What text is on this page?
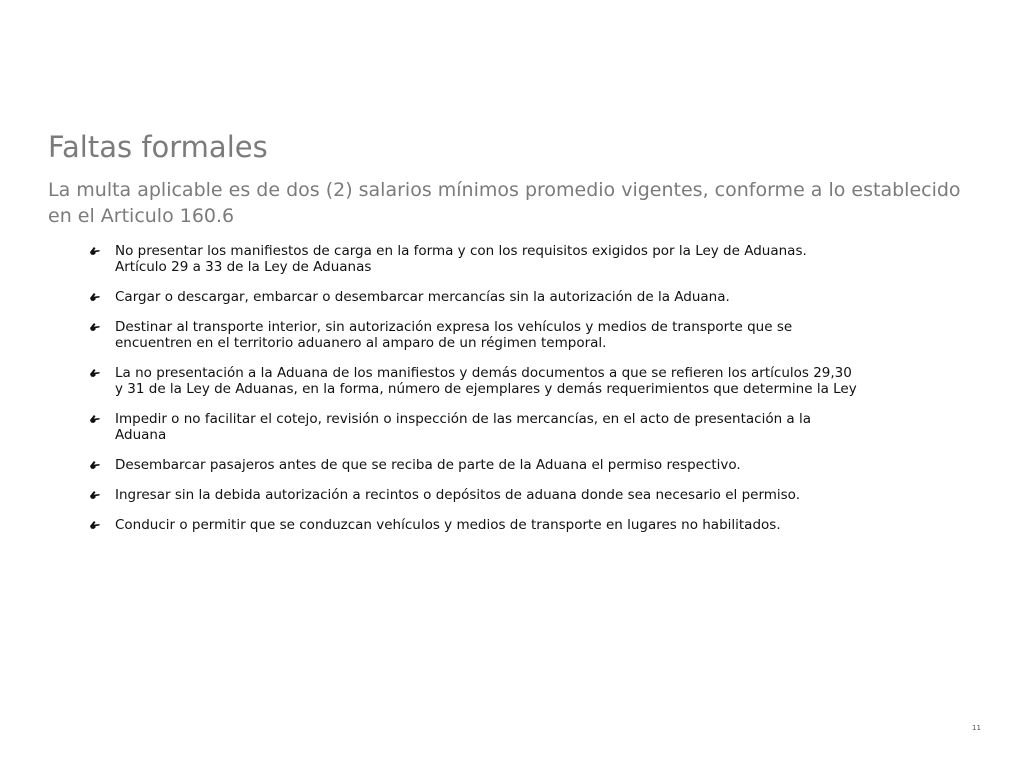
Faltas formales

La multa aplicable es de dos (2) salarios mínimos promedio vigentes, conforme a lo establecido en el Articulo 160.6

No presentar los manifiestos de carga en la forma y con los requisitos exigidos por la Ley de Aduanas. Artículo 29 a 33 de la Ley de Aduanas
Cargar o descargar, embarcar o desembarcar mercancías sin la autorización de la Aduana.
Destinar al transporte interior, sin autorización expresa los vehículos y medios de transporte que se encuentren en el territorio aduanero al amparo de un régimen temporal.
La no presentación a la Aduana de los manifiestos y demás documentos a que se refieren los artículos 29,30 y 31 de la Ley de Aduanas, en la forma, número de ejemplares y demás requerimientos que determine la Ley
Impedir o no facilitar el cotejo, revisión o inspección de las mercancías, en el acto de presentación a la Aduana
Desembarcar pasajeros antes de que se reciba de parte de la Aduana el permiso respectivo.
Ingresar sin la debida autorización a recintos o depósitos de aduana donde sea necesario el permiso.
Conducir o permitir que se conduzcan vehículos y medios de transporte en lugares no habilitados.
11
